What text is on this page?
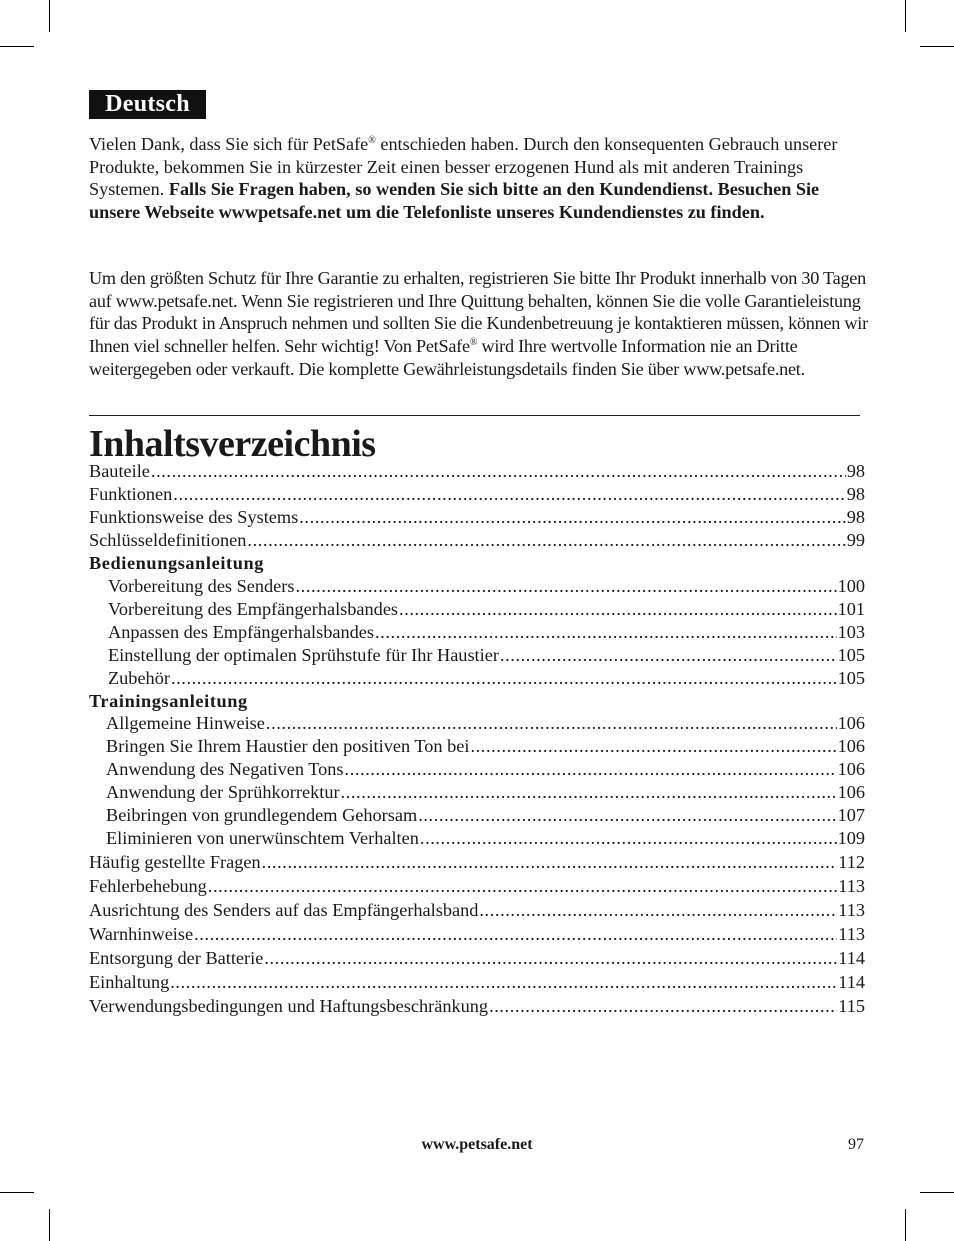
Deutsch

Vielen Dank, dass Sie sich für PetSafe® entschieden haben. Durch den konsequenten Gebrauch unserer Produkte, bekommen Sie in kürzester Zeit einen besser erzogenen Hund als mit anderen Trainings Systemen. Falls Sie Fragen haben, so wenden Sie sich bitte an den Kundendienst. Besuchen Sie unsere Webseite wwwpetsafe.net um die Telefonliste unseres Kundendienstes zu finden.

Um den größten Schutz für Ihre Garantie zu erhalten, registrieren Sie bitte Ihr Produkt innerhalb von 30 Tagen auf www.petsafe.net. Wenn Sie registrieren und Ihre Quittung behalten, können Sie die volle Garantieleistung für das Produkt in Anspruch nehmen und sollten Sie die Kundenbetreuung je kontaktieren müssen, können wir Ihnen viel schneller helfen. Sehr wichtig! Von PetSafe® wird Ihre wertvolle Information nie an Dritte weitergegeben oder verkauft. Die komplette Gewährleistungsdetails finden Sie über www.petsafe.net.

Inhaltsverzeichnis
Bauteile .....	98
Funktionen .....	98
Funktionsweise des Systems .....	98
Schlüsseldefinitionen .....	99
Bedienungsanleitung
Vorbereitung des Senders .....	100
Vorbereitung des Empfängerhalsbandes .....	101
Anpassen des Empfängerhalsbandes .....	103
Einstellung der optimalen Sprühstufe für Ihr Haustier .....	105
Zubehör .....	105
Trainingsanleitung
Allgemeine Hinweise .....	106
Bringen Sie Ihrem Haustier den positiven Ton bei .....	106
Anwendung des Negativen Tons .....	106
Anwendung der Sprühkorrektur .....	106
Beibringen von grundlegendem Gehorsam .....	107
Eliminieren von unerwünschtem Verhalten .....	109
Häufig gestellte Fragen .....	112
Fehlerbehebung .....	113
Ausrichtung des Senders auf das Empfängerhalsband .....	113
Warnhinweise .....	113
Entsorgung der Batterie .....	114
Einhaltung .....	114
Verwendungsbedingungen und Haftungsbeschränkung .....	115
www.petsafe.net	97
